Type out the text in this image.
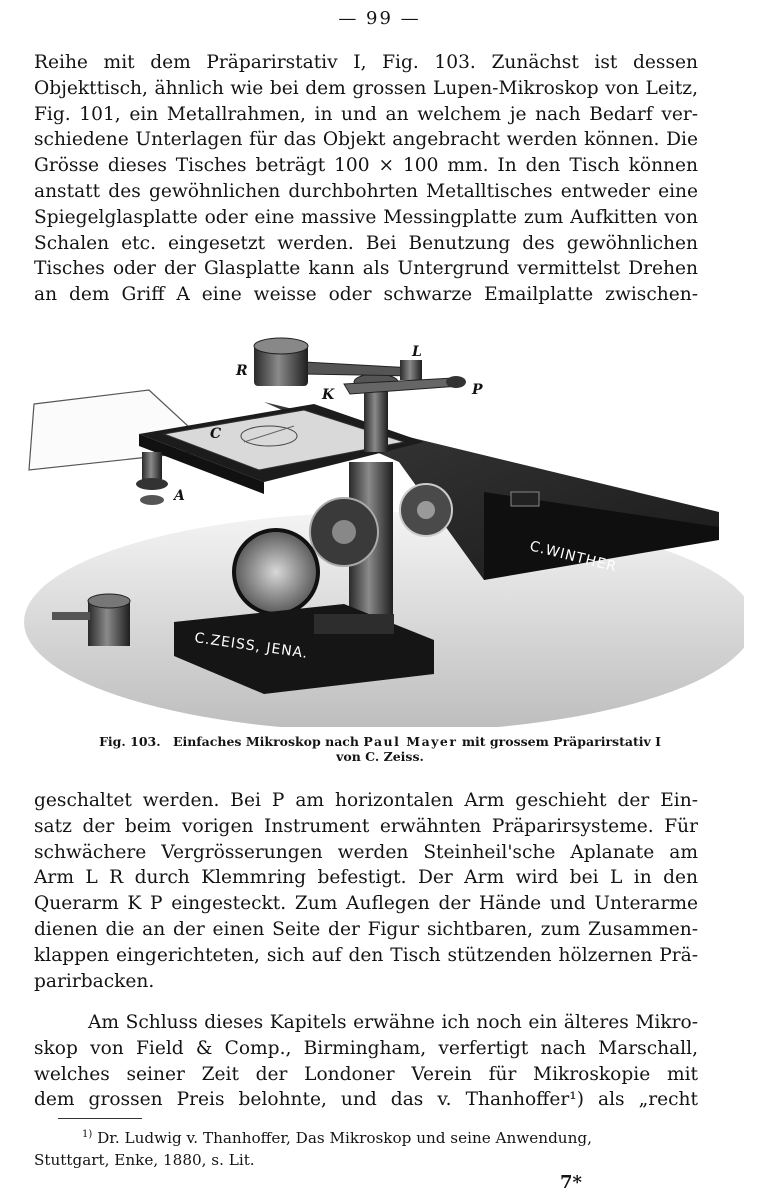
— 99 —
Reihe mit dem Präparirstativ I, Fig. 103. Zunächst ist dessen
Objekttisch, ähnlich wie bei dem grossen Lupen-Mikroskop von Leitz,
Fig. 101, ein Metallrahmen, in und an welchem je nach Bedarf ver-
schiedene Unterlagen für das Objekt angebracht werden können. Die
Grösse dieses Tisches beträgt 100 × 100 mm. In den Tisch können
anstatt des gewöhnlichen durchbohrten Metalltisches entweder eine
Spiegelglasplatte oder eine massive Messingplatte zum Aufkitten von
Schalen etc. eingesetzt werden. Bei Benutzung des gewöhnlichen
Tisches oder der Glasplatte kann als Untergrund vermittelst Drehen
an dem Griff A eine weisse oder schwarze Emailplatte zwischen-
C.WINTHER
C.ZEISS, JENA.
R
L
K	P
C
A
Fig. 103. Einfaches Mikroskop nach Paul Mayer mit grossem Präparirstativ I
von C. Zeiss.
geschaltet werden. Bei P am horizontalen Arm geschieht der Ein-
satz der beim vorigen Instrument erwähnten Präparirsysteme. Für
schwächere Vergrösserungen werden Steinheil'sche Aplanate am
Arm L R durch Klemmring befestigt. Der Arm wird bei L in den
Querarm K P eingesteckt. Zum Auflegen der Hände und Unterarme
dienen die an der einen Seite der Figur sichtbaren, zum Zusammen-
klappen eingerichteten, sich auf den Tisch stützenden hölzernen Prä-
parirbacken.
Am Schluss dieses Kapitels erwähne ich noch ein älteres Mikro-
skop von Field & Comp., Birmingham, verfertigt nach Marschall,
welches seiner Zeit der Londoner Verein für Mikroskopie mit
dem grossen Preis belohnte, und das v. Thanhoffer¹) als „recht
$^{1)}$ Dr. Ludwig v. Thanhoffer, Das Mikroskop und seine Anwendung,
Stuttgart, Enke, 1880, s. Lit.
7*
